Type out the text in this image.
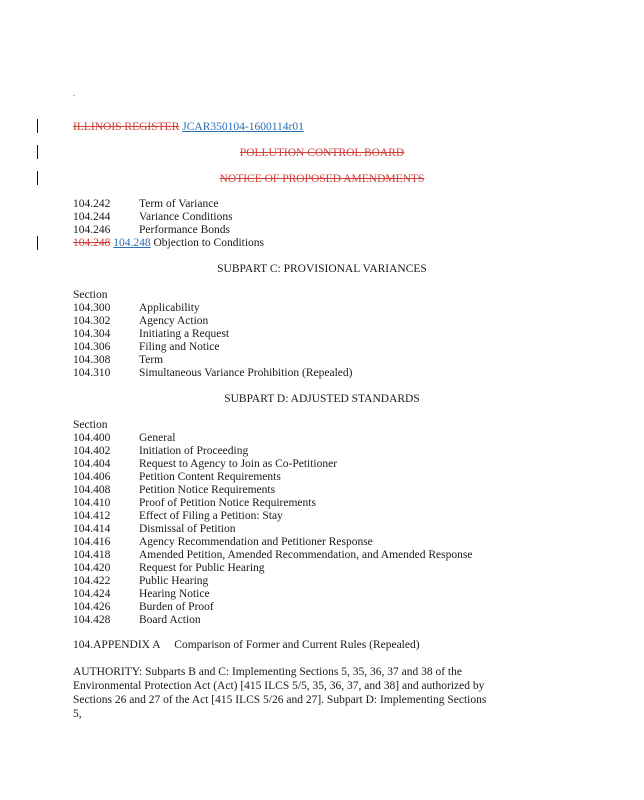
ILLINOIS REGISTER JCAR350104-1600114r01
POLLUTION CONTROL BOARD
NOTICE OF PROPOSED AMENDMENTS
104.242 Term of Variance
104.244 Variance Conditions
104.246 Performance Bonds
104.248 104.248 Objection to Conditions
SUBPART C: PROVISIONAL VARIANCES
Section
104.300 Applicability
104.302 Agency Action
104.304 Initiating a Request
104.306 Filing and Notice
104.308 Term
104.310 Simultaneous Variance Prohibition (Repealed)
SUBPART D: ADJUSTED STANDARDS
Section
104.400 General
104.402 Initiation of Proceeding
104.404 Request to Agency to Join as Co-Petitioner
104.406 Petition Content Requirements
104.408 Petition Notice Requirements
104.410 Proof of Petition Notice Requirements
104.412 Effect of Filing a Petition: Stay
104.414 Dismissal of Petition
104.416 Agency Recommendation and Petitioner Response
104.418 Amended Petition, Amended Recommendation, and Amended Response
104.420 Request for Public Hearing
104.422 Public Hearing
104.424 Hearing Notice
104.426 Burden of Proof
104.428 Board Action
104.APPENDIX A     Comparison of Former and Current Rules (Repealed)
AUTHORITY: Subparts B and C: Implementing Sections 5, 35, 36, 37 and 38 of the Environmental Protection Act (Act) [415 ILCS 5/5, 35, 36, 37, and 38] and authorized by Sections 26 and 27 of the Act [415 ILCS 5/26 and 27]. Subpart D: Implementing Sections 5,
